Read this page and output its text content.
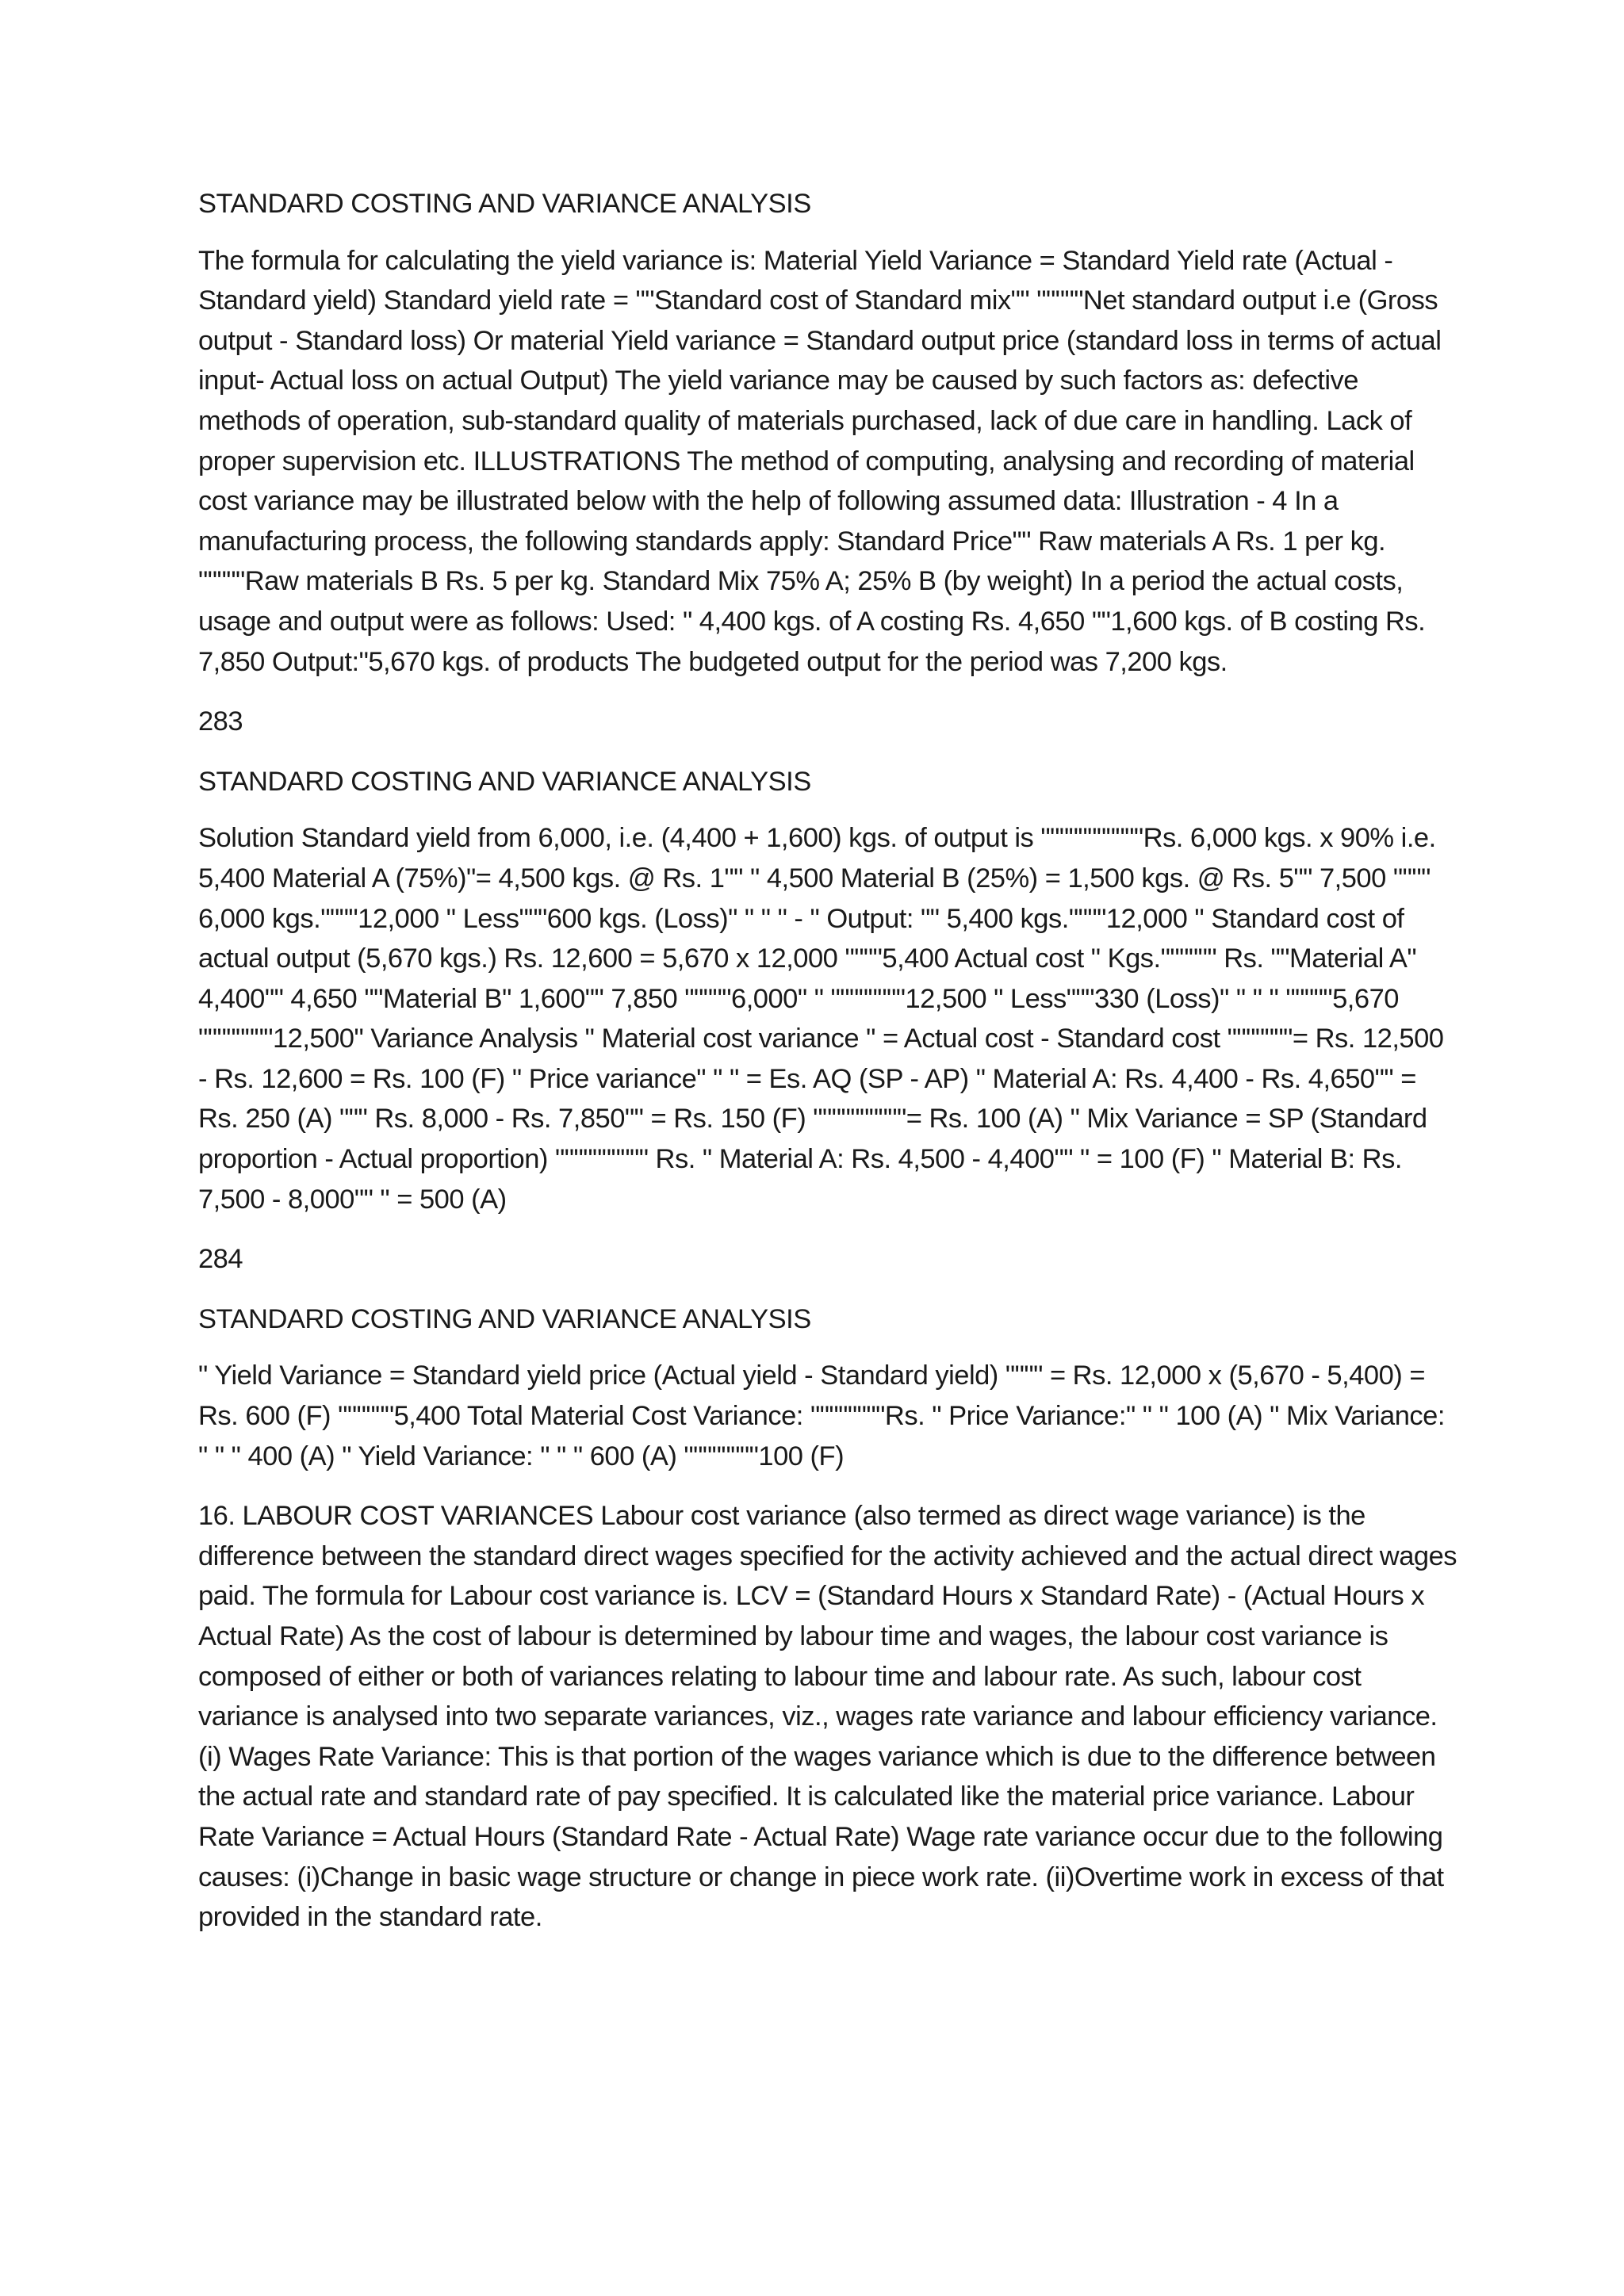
STANDARD COSTING AND VARIANCE ANALYSIS

The formula for calculating the yield variance is: Material Yield Variance = Standard Yield rate (Actual - Standard yield) Standard yield rate = ""Standard cost of Standard mix"" """""Net standard output i.e (Gross output - Standard loss) Or material Yield variance = Standard output price (standard loss in terms of actual input- Actual loss on actual Output) The yield variance may be caused by such factors as: defective methods of operation, sub-standard quality of materials purchased, lack of due care in handling. Lack of proper supervision etc. ILLUSTRATIONS The method of computing, analysing and recording of material cost variance may be illustrated below with the help of following assumed data: Illustration - 4 In a manufacturing process, the following standards apply: Standard Price"" Raw materials A Rs. 1 per kg. """""Raw materials B Rs. 5 per kg. Standard Mix 75% A; 25% B (by weight) In a period the actual costs, usage and output were as follows: Used: " 4,400 kgs. of A costing Rs. 4,650 ""1,600 kgs. of B costing Rs. 7,850 Output:"5,670 kgs. of products The budgeted output for the period was 7,200 kgs.

283
STANDARD COSTING AND VARIANCE ANALYSIS

Solution Standard yield from 6,000, i.e. (4,400 + 1,600) kgs. of output is """""""""""Rs. 6,000 kgs. x 90% i.e. 5,400 Material A (75%)"= 4,500 kgs. @ Rs. 1"" " 4,500 Material B (25%) = 1,500 kgs. @ Rs. 5"" 7,500 """" 6,000 kgs.""""12,000 " Less"""600 kgs. (Loss)" " " " - " Output: "" 5,400 kgs.""""12,000 " Standard cost of actual output (5,670 kgs.) Rs. 12,600 = 5,670 x 12,000 """"5,400 Actual cost " Kgs."""""" Rs. ""Material A" 4,400"" 4,650 ""Material B" 1,600"" 7,850 """""6,000" " """"""""12,500 " Less"""330 (Loss)" " " " """""5,670 """"""""12,500" Variance Analysis " Material cost variance " = Actual cost - Standard cost """""""= Rs. 12,500 - Rs. 12,600 = Rs. 100 (F) " Price variance" " " = Es. AQ (SP - AP) " Material A: Rs. 4,400 - Rs. 4,650"" = Rs. 250 (A) """ Rs. 8,000 - Rs. 7,850"" = Rs. 150 (F) """"""""""= Rs. 100 (A) " Mix Variance = SP (Standard proportion - Actual proportion) """""""""" Rs. " Material A: Rs. 4,500 - 4,400"" " = 100 (F) " Material B: Rs. 7,500 - 8,000"" " = 500 (A)

284
STANDARD COSTING AND VARIANCE ANALYSIS

" Yield Variance = Standard yield price (Actual yield - Standard yield) """" = Rs. 12,000 x (5,670 - 5,400) = Rs. 600 (F) """"""5,400 Total Material Cost Variance: """"""""Rs. " Price Variance:" " " 100 (A) " Mix Variance: " " " 400 (A) " Yield Variance: " " " 600 (A) """"""""100 (F)

16. LABOUR COST VARIANCES Labour cost variance (also termed as direct wage variance) is the difference between the standard direct wages specified for the activity achieved and the actual direct wages paid. The formula for Labour cost variance is. LCV = (Standard Hours x Standard Rate) - (Actual Hours x Actual Rate) As the cost of labour is determined by labour time and wages, the labour cost variance is composed of either or both of variances relating to labour time and labour rate. As such, labour cost variance is analysed into two separate variances, viz., wages rate variance and labour efficiency variance. (i) Wages Rate Variance: This is that portion of the wages variance which is due to the difference between the actual rate and standard rate of pay specified. It is calculated like the material price variance. Labour Rate Variance = Actual Hours (Standard Rate - Actual Rate) Wage rate variance occur due to the following causes: (i)Change in basic wage structure or change in piece work rate. (ii)Overtime work in excess of that provided in the standard rate.
